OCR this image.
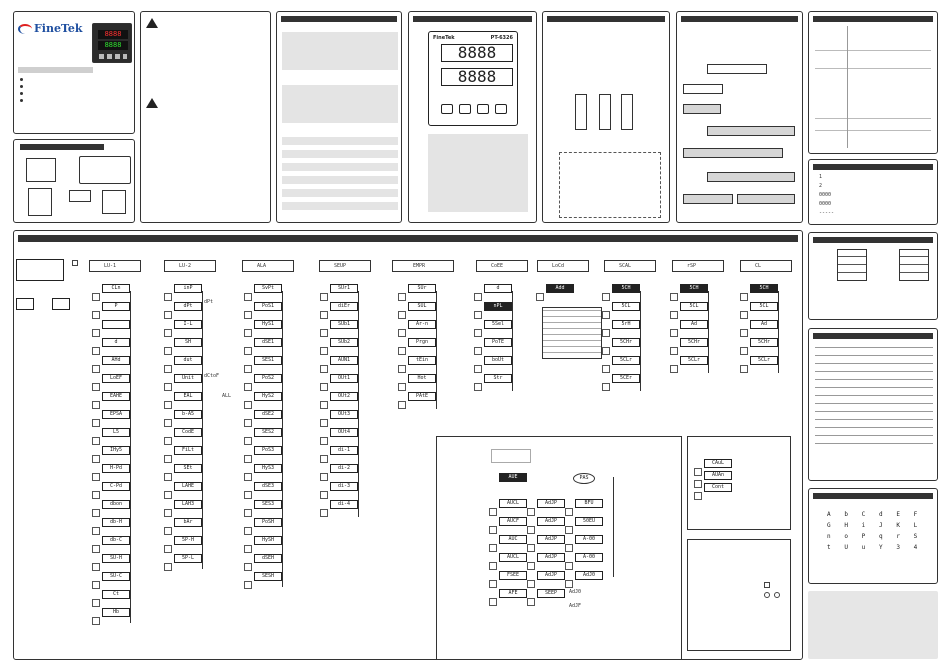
FineTek	8888
8888
FineTek	PT-6326
8888
8888
1
2
0000
0000
-----
LU-1	LU-2	ALA	SEUP	EMPR	CoEE	LoCd	SCAL	rSP	CL
CLn
P
d
AHd
LoEF
EAHE
EPSA
L5
IHy5
H-Pd
C-Pd
dbon
db-H
db-C
SU-H
SU-C
Ct
Hb
inP
dPt
I-L
SH
dut
Unit
EAL
b-A5
CodE
FiLt
SEt
LAHE
LAH3
bAr
5P-H
5P-L
dPt
dCtoF
ALL
SvPt
PoS1
HyS1
dSE1
SES1
PoS2
HyS2
dSE2
SES2
PoS3
HyS3
dSE3
SES3
PoSH
HySH
dSEH
SESH
SUr1
diEr
SUb1
SUb2
AUN1
OUt1
OUt2
OUt3
OUt4
di-1
di-2
di-3
di-4
SUr
SUL
Ar-n
Prgn
tEin
Hot
PAtE
d
nPL
5Sel
PoTE
boUt
Str
Add	5CH
5CL
5rH
5CHr
5CLr
5CEr
5CH
5CL
Ad
5CHr
5CLr
5CH
5CL
Ad
5CHr
5CLr
AUE	PAS
AUCL
AUCF
AUC
AUCL
FSEE
AFE
AdJP
AdJP
AdJP
AdJP
AdJP
SEEP
BFU
50EU
A-00
A-00
AdJ0
AdJ0
AdJF
CAuL
AUAn
Cont
A	b	C	d	E	F
G	H	i	J	K	L
n	o	P	q	r	S
t	U	u	Y	3	4
